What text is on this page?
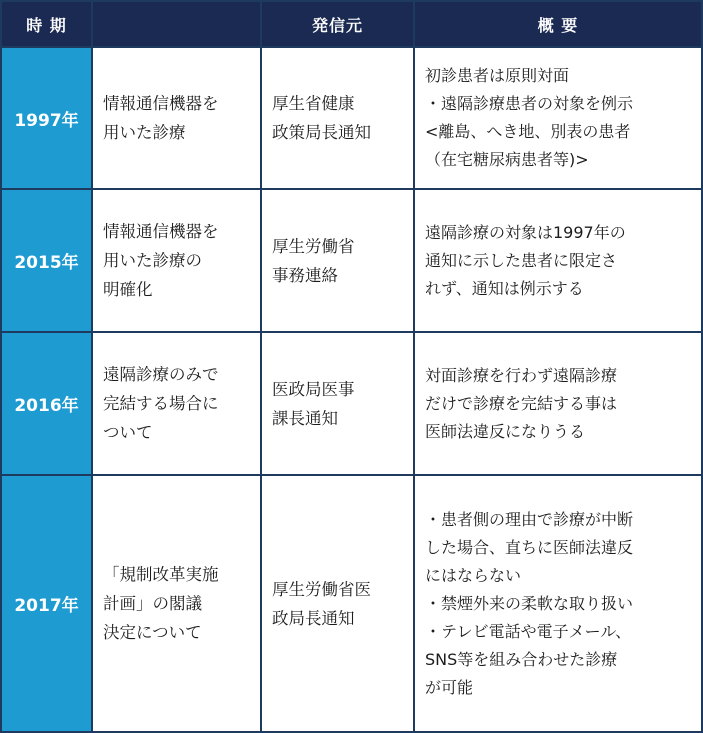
時 期	発信元	概 要
1997年
情報通信機器を
用いた診療
厚生省健康
政策局長通知
初診患者は原則対面
・遠隔診療患者の対象を例示
<離島、へき地、別表の患者
（在宅糖尿病患者等)>
2015年
情報通信機器を
用いた診療の
明確化
厚生労働省
事務連絡
遠隔診療の対象は1997年の
通知に示した患者に限定さ
れず、通知は例示する
2016年
遠隔診療のみで
完結する場合に
ついて
医政局医事
課長通知
対面診療を行わず遠隔診療
だけで診療を完結する事は
医師法違反になりうる
2017年
「規制改革実施
計画」の閣議
決定について
厚生労働省医
政局長通知
・患者側の理由で診療が中断
した場合、直ちに医師法違反
にはならない
・禁煙外来の柔軟な取り扱い
・テレビ電話や電子メール、
SNS等を組み合わせた診療
が可能
